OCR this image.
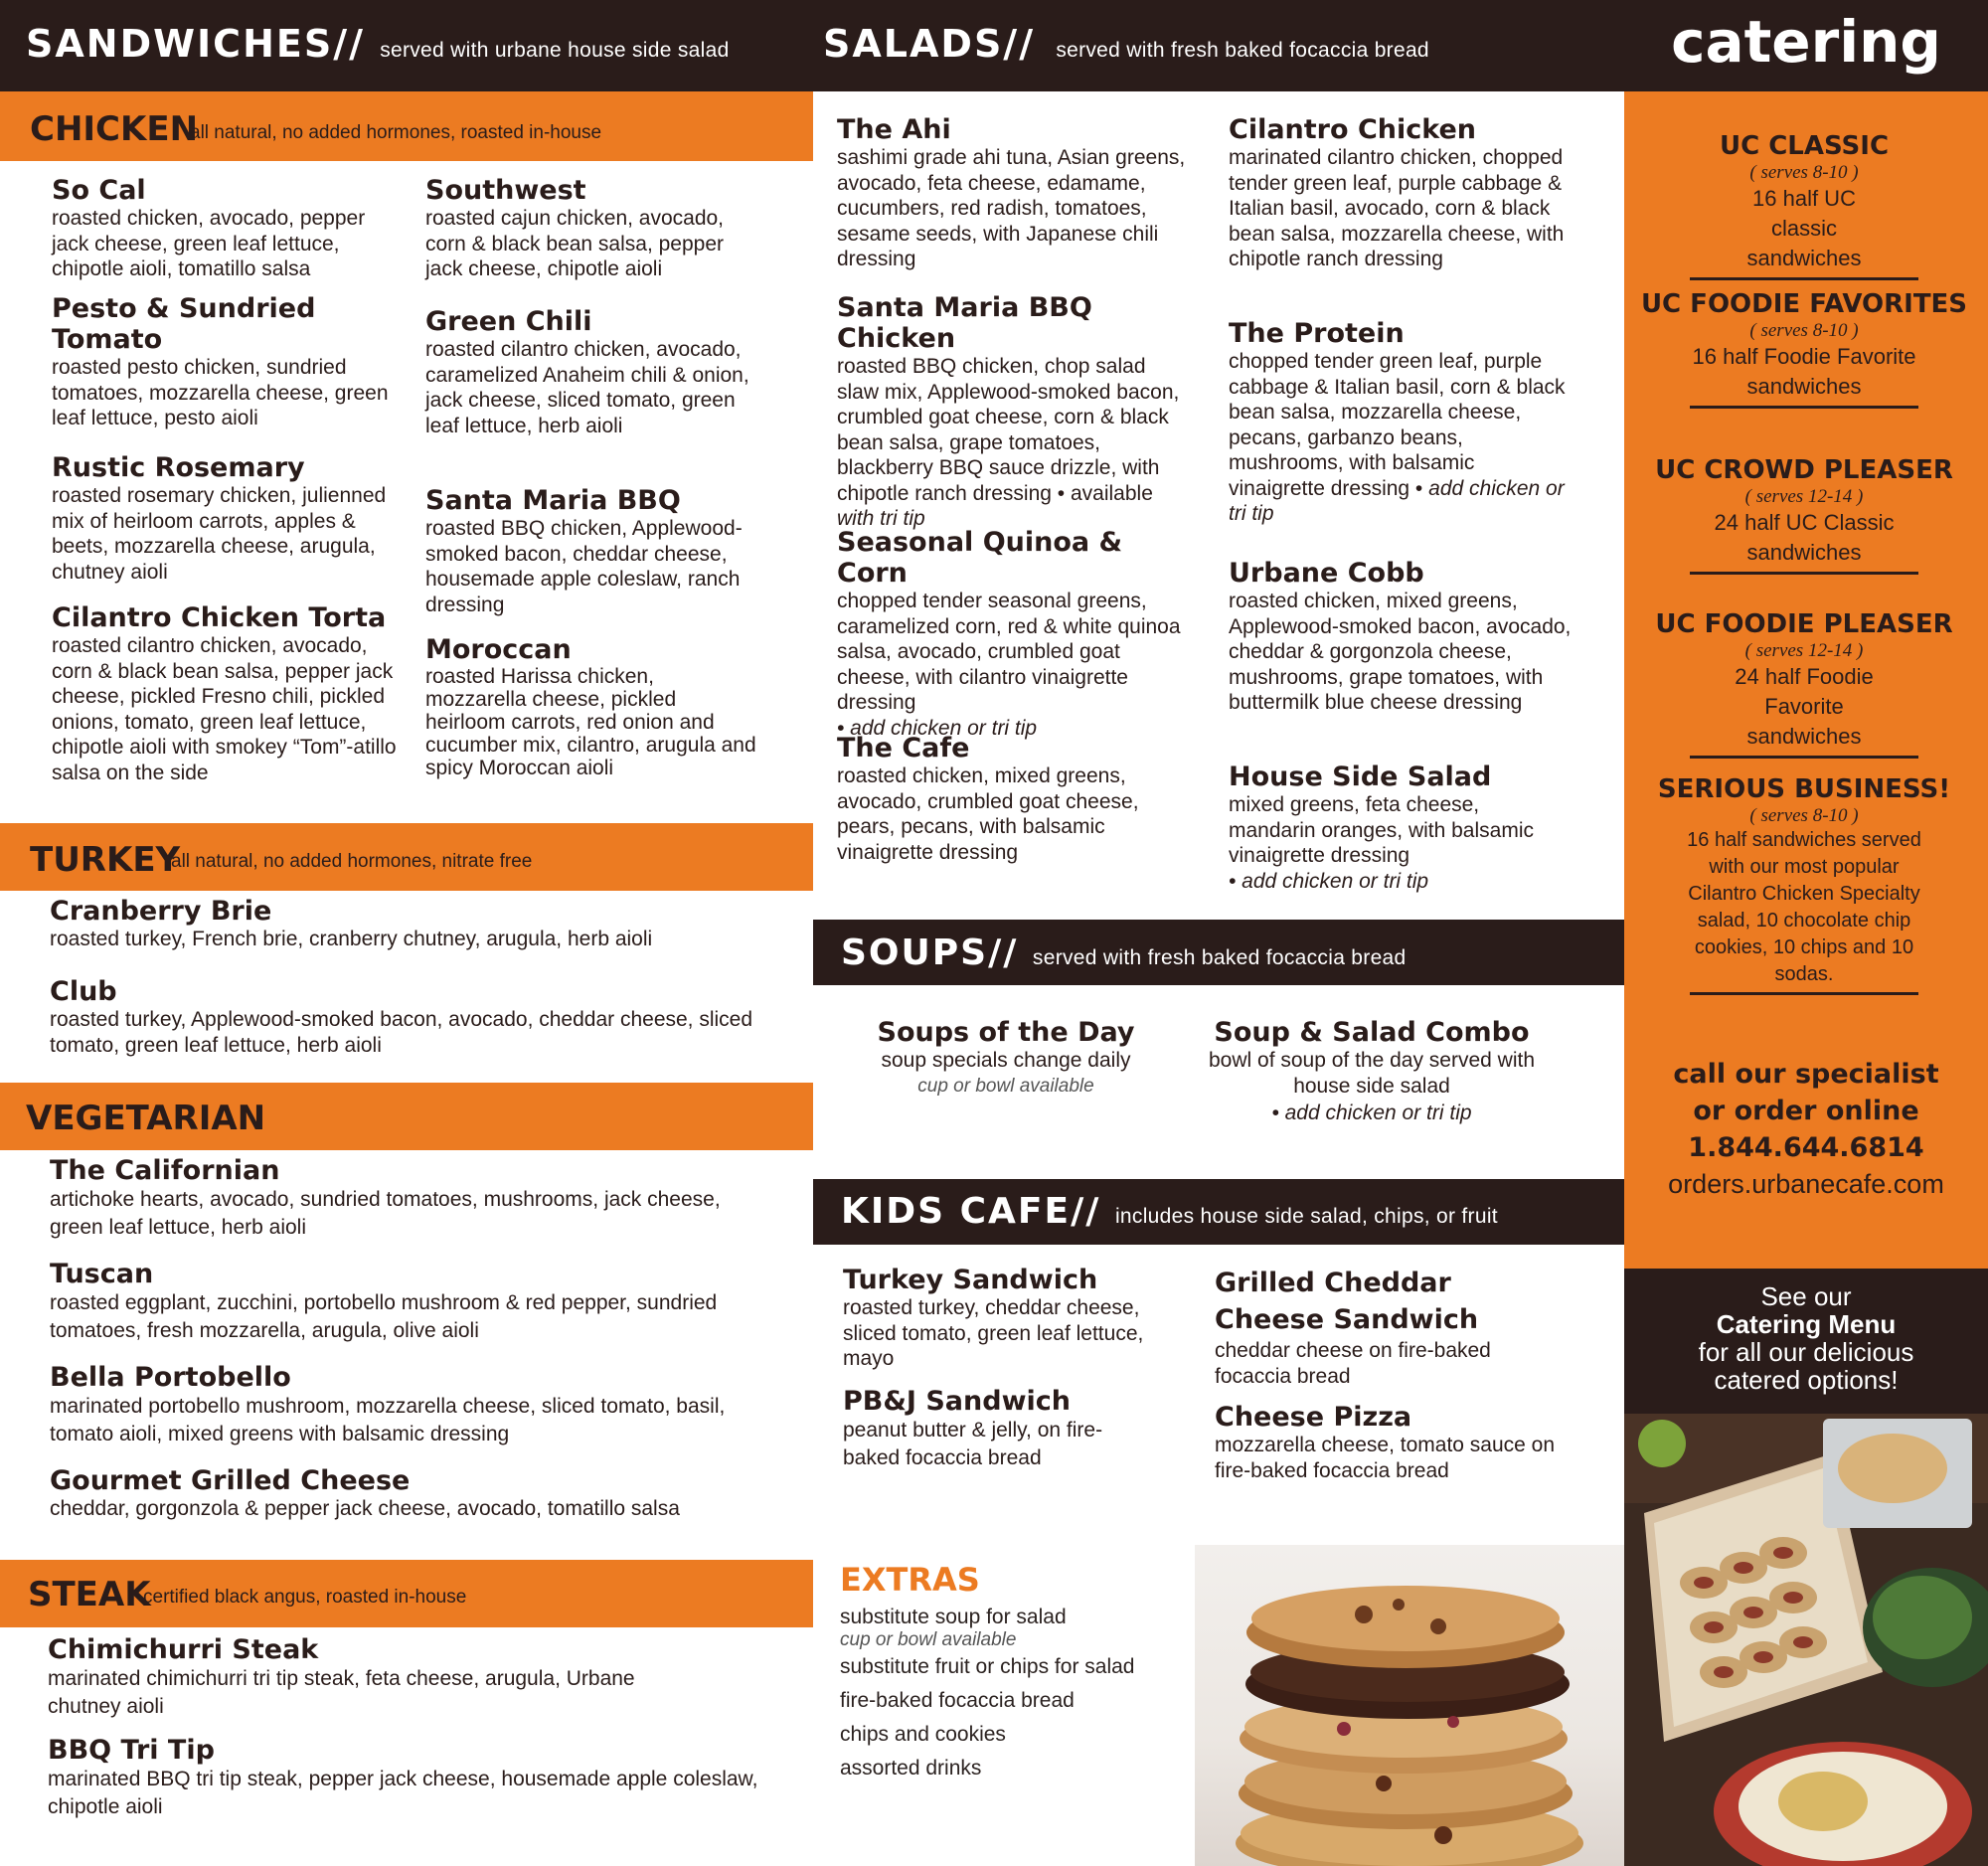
SANDWICHES// served with urbane house side salad SALADS// served with fresh baked focaccia bread
CHICKEN
all natural, no added hormones, roasted in-house
So Cal
roasted chicken, avocado, pepper jack cheese, green leaf lettuce, chipotle aioli, tomatillo salsa
Pesto & Sundried Tomato
roasted pesto chicken, sundried tomatoes, mozzarella cheese, green leaf lettuce, pesto aioli
Rustic Rosemary
roasted rosemary chicken, julienned mix of heirloom carrots, apples & beets, mozzarella cheese, arugula, chutney aioli
Cilantro Chicken Torta
roasted cilantro chicken, avocado, corn & black bean salsa, pepper jack cheese, pickled Fresno chili, pickled onions, tomato, green leaf lettuce, chipotle aioli with smokey “Tom”-atillo salsa on the side
Southwest
roasted cajun chicken, avocado, corn & black bean salsa, pepper jack cheese, chipotle aioli
Green Chili
roasted cilantro chicken, avocado, caramelized Anaheim chili & onion, jack cheese, sliced tomato, green leaf lettuce, herb aioli
Santa Maria BBQ
roasted BBQ chicken, Applewood-smoked bacon, cheddar cheese, housemade apple coleslaw, ranch dressing
Moroccan
roasted Harissa chicken, mozzarella cheese, pickled heirloom carrots, red onion and cucumber mix, cilantro, arugula and spicy Moroccan aioli
TURKEY
all natural, no added hormones, nitrate free
Cranberry Brie
roasted turkey, French brie, cranberry chutney, arugula, herb aioli
Club
roasted turkey, Applewood-smoked bacon, avocado, cheddar cheese, sliced tomato, green leaf lettuce, herb aioli
VEGETARIAN
The Californian
artichoke hearts, avocado, sundried tomatoes, mushrooms, jack cheese, green leaf lettuce, herb aioli
Tuscan
roasted eggplant, zucchini, portobello mushroom & red pepper, sundried tomatoes, fresh mozzarella, arugula, olive aioli
Bella Portobello
marinated portobello mushroom, mozzarella cheese, sliced tomato, basil, tomato aioli, mixed greens with balsamic dressing
Gourmet Grilled Cheese
cheddar, gorgonzola & pepper jack cheese, avocado, tomatillo salsa
STEAK
certified black angus, roasted in-house
Chimichurri Steak
marinated chimichurri tri tip steak, feta cheese, arugula, Urbane chutney aioli
BBQ Tri Tip
marinated BBQ tri tip steak, pepper jack cheese, housemade apple coleslaw, chipotle aioli
The Ahi
sashimi grade ahi tuna, Asian greens, avocado, feta cheese, edamame, cucumbers, red radish, tomatoes, sesame seeds, with Japanese chili dressing
Santa Maria BBQ Chicken
roasted BBQ chicken, chop salad slaw mix, Applewood-smoked bacon, crumbled goat cheese, corn & black bean salsa, grape tomatoes, blackberry BBQ sauce drizzle, with chipotle ranch dressing • available with tri tip
Seasonal Quinoa & Corn
chopped tender seasonal greens, caramelized corn, red & white quinoa salsa, avocado, crumbled goat cheese, with cilantro vinaigrette dressing
• add chicken or tri tip
The Cafe
roasted chicken, mixed greens, avocado, crumbled goat cheese, pears, pecans, with balsamic vinaigrette dressing
Cilantro Chicken
marinated cilantro chicken, chopped tender green leaf, purple cabbage & Italian basil, avocado, corn & black bean salsa, mozzarella cheese, with chipotle ranch dressing
The Protein
chopped tender green leaf, purple cabbage & Italian basil, corn & black bean salsa, mozzarella cheese, pecans, garbanzo beans, mushrooms, with balsamic vinaigrette dressing • add chicken or tri tip
Urbane Cobb
roasted chicken, mixed greens, Applewood-smoked bacon, avocado, cheddar & gorgonzola cheese, mushrooms, grape tomatoes, with buttermilk blue cheese dressing
House Side Salad
mixed greens, feta cheese, mandarin oranges, with balsamic vinaigrette dressing
• add chicken or tri tip
SOUPS// served with fresh baked focaccia bread
Soups of the Day
soup specials change daily
cup or bowl available
Soup & Salad Combo
bowl of soup of the day served with house side salad
• add chicken or tri tip
KIDS CAFE// includes house side salad, chips, or fruit
Turkey Sandwich
roasted turkey, cheddar cheese, sliced tomato, green leaf lettuce, mayo
PB&J Sandwich
peanut butter & jelly, on fire-baked focaccia bread
Grilled Cheddar Cheese Sandwich
cheddar cheese on fire-baked focaccia bread
Cheese Pizza
mozzarella cheese, tomato sauce on fire-baked focaccia bread
EXTRAS
substitute soup for salad
cup or bowl available
substitute fruit or chips for salad
fire-baked focaccia bread
chips and cookies
assorted drinks
catering
UC CLASSIC
( serves 8-10 )
16 half UC classic sandwiches
UC FOODIE FAVORITES
( serves 8-10 )
16 half Foodie Favorite sandwiches
UC CROWD PLEASER
( serves 12-14 )
24 half UC Classic sandwiches
UC FOODIE PLEASER
( serves 12-14 )
24 half Foodie Favorite sandwiches
SERIOUS BUSINESS!
( serves 8-10 )
16 half sandwiches served with our most popular Cilantro Chicken Specialty salad, 10 chocolate chip cookies, 10 chips and 10 sodas.
call our specialist
or order online
1.844.644.6814
orders.urbanecafe.com
See our
Catering Menu
for all our delicious
catered options!
